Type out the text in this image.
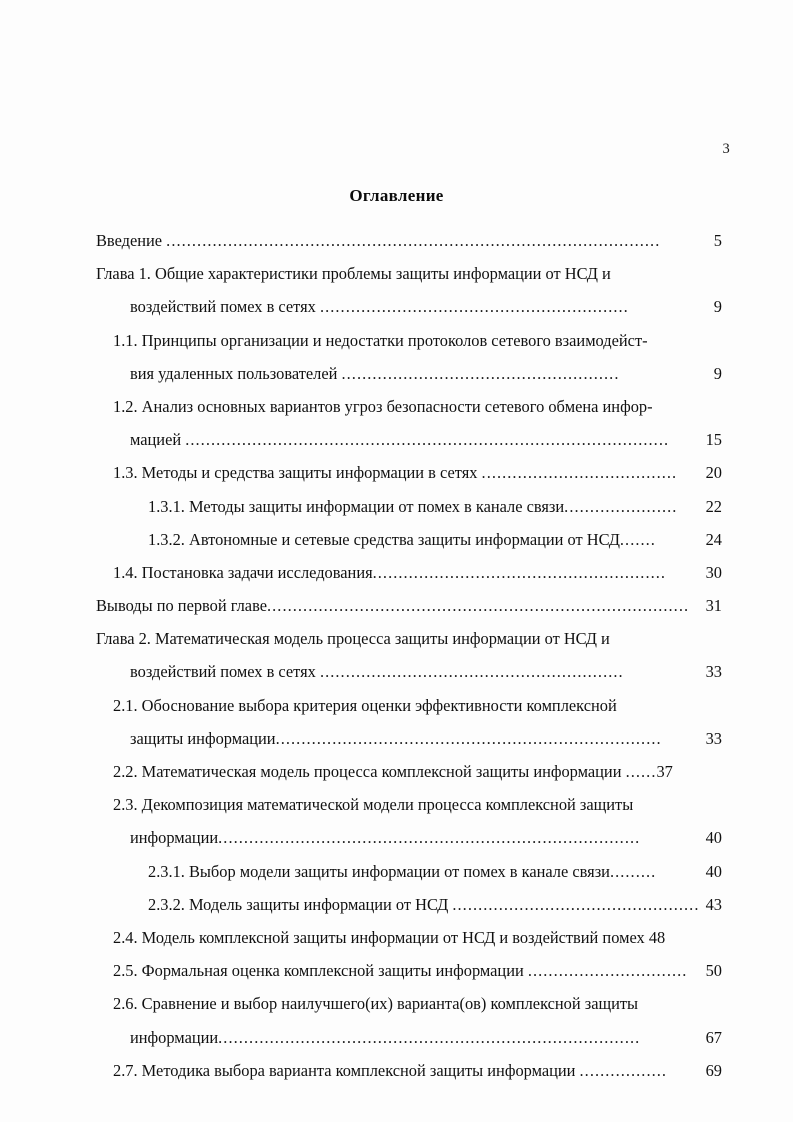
3
Оглавление
Введение ................................................................................................	5
Глава 1. Общие характеристики проблемы защиты информации от НСД и
воздействий помех в сетях ............................................................	9
1.1. Принципы организации и недостатки протоколов сетевого взаимодейст-
вия удаленных пользователей ......................................................	9
1.2. Анализ основных вариантов угроз безопасности сетевого обмена инфор-
мацией ..............................................................................................	15
1.3. Методы и средства защиты информации в сетях ......................................	20
1.3.1. Методы защиты информации от помех в канале связи......................	22
1.3.2. Автономные и сетевые средства защиты информации от НСД.......	24
1.4. Постановка задачи исследования.........................................................	30
Выводы по первой главе..................................................................................	31
Глава 2. Математическая модель процесса защиты информации от НСД и
воздействий помех в сетях ...........................................................	33
2.1. Обоснование выбора критерия оценки эффективности комплексной
защиты информации...........................................................................	33
2.2. Математическая модель процесса комплексной защиты информации ......37
2.3. Декомпозиция математической модели процесса комплексной защиты
информации..................................................................................	40
2.3.1. Выбор модели защиты информации от помех в канале связи.........	40
2.3.2. Модель защиты информации от НСД ................................................ 43
2.4. Модель комплексной защиты информации от НСД и воздействий помех 48
2.5. Формальная оценка комплексной защиты информации ...............................	50
2.6. Сравнение и выбор наилучшего(их) варианта(ов) комплексной защиты
информации..................................................................................	67
2.7. Методика выбора варианта комплексной защиты информации .................	69
